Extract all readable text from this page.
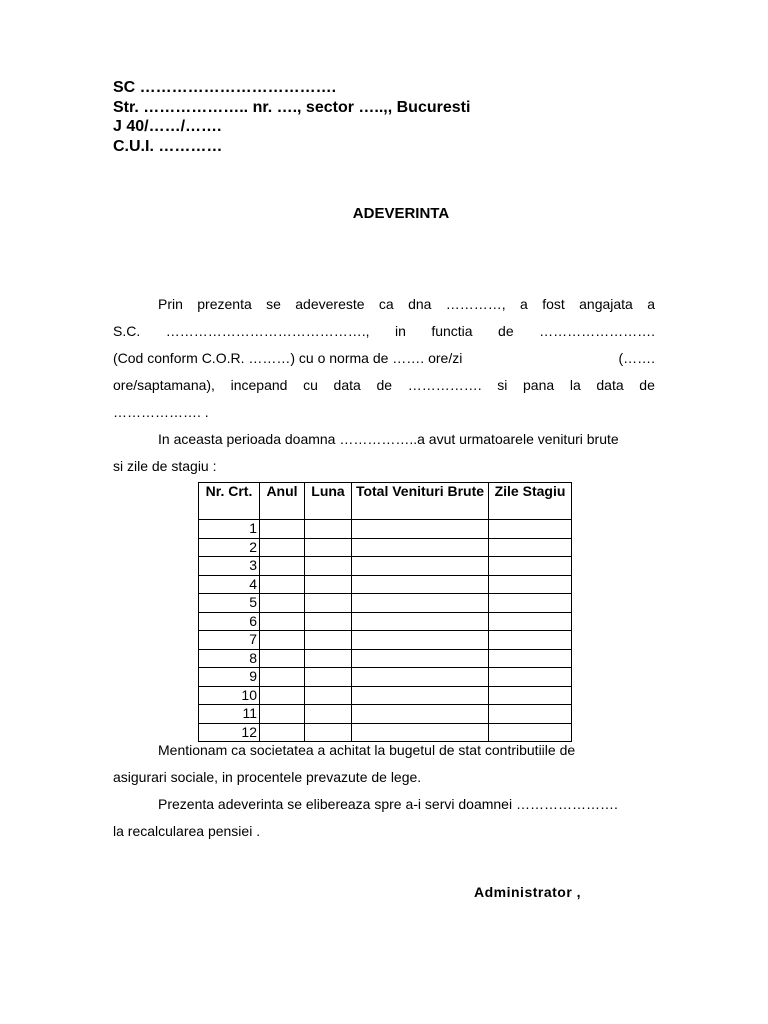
SC ……………………………….
Str. ……………….. nr. …., sector …..,, Bucuresti
J 40/……/…….
C.U.I. …………
ADEVERINTA
Prin prezenta se adevereste ca dna …………, a fost angajata a
S.C. ……………………………………., in functia de …………………….
(Cod conform C.O.R. ………) cu o norma de ……. ore/zi	(…….
ore/saptamana), incepand cu data de ……………. si pana la data de
………………. .
In aceasta perioada doamna ……………..a avut urmatoarele venituri brute
si zile de stagiu :
Nr. Crt.	Anul	Luna	Total Venituri Brute	Zile Stagiu
1				
2				
3				
4				
5				
6				
7				
8				
9				
10				
11				
12				
Mentionam ca societatea a achitat la bugetul de stat contributiile de
asigurari sociale, in procentele prevazute de lege.
Prezenta adeverinta se elibereaza spre a-i servi doamnei ………………….
la recalcularea pensiei .
Administrator ,
